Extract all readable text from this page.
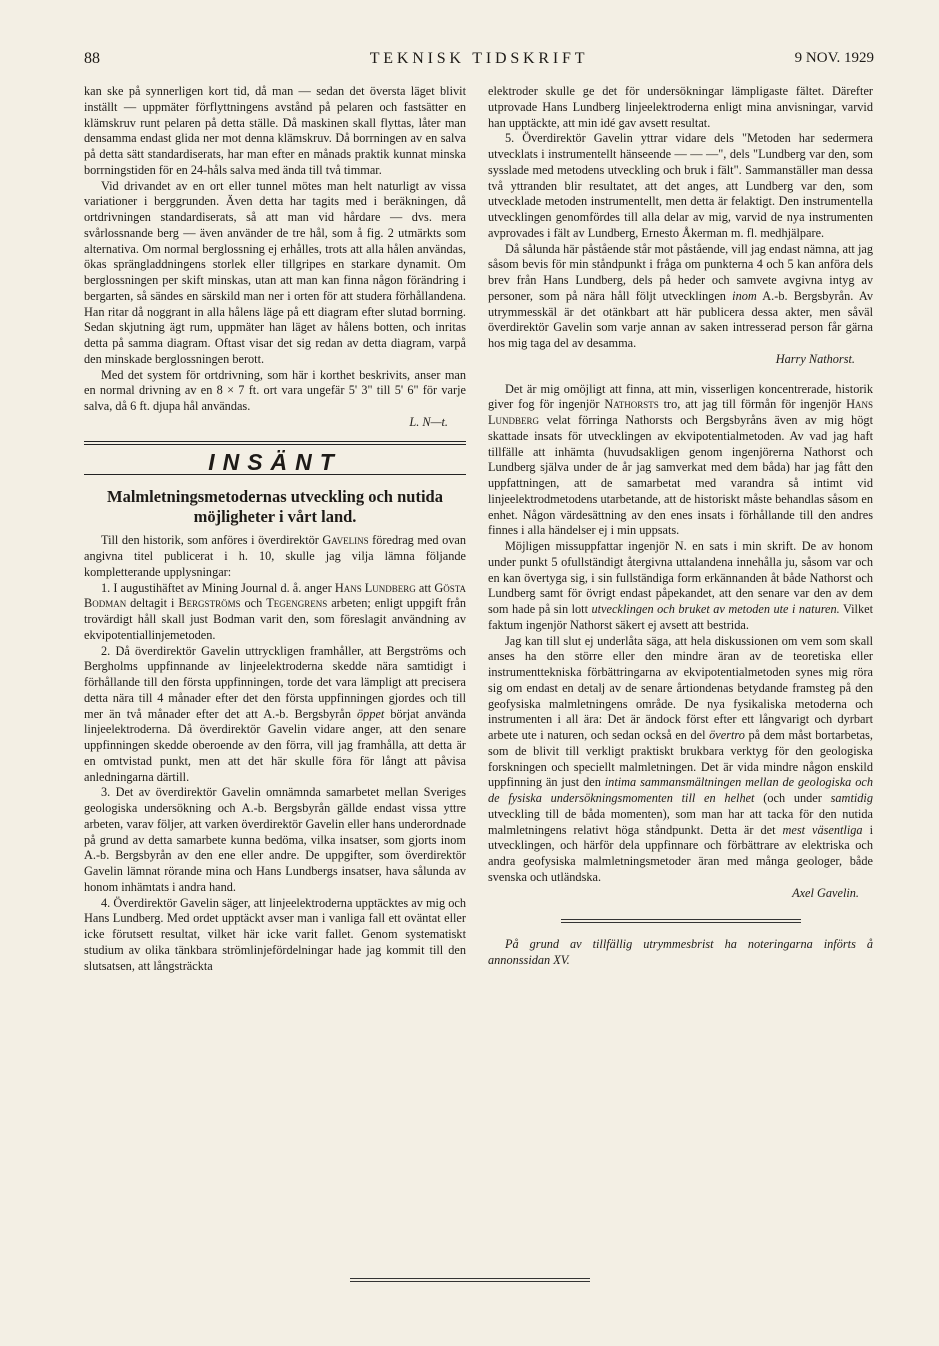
88	TEKNISK TIDSKRIFT	9 NOV. 1929

kan ske på synnerligen kort tid, då man — sedan det översta läget blivit inställt — uppmäter förflyttningens avstånd på pelaren och fastsätter en klämskruv runt pelaren på detta ställe. Då maskinen skall flyttas, låter man densamma endast glida ner mot denna klämskruv. Då borrningen av en salva på detta sätt standardiserats, har man efter en månads praktik kunnat minska borrningstiden för en 24-håls salva med ända till två timmar.

Vid drivandet av en ort eller tunnel mötes man helt naturligt av vissa variationer i berggrunden. Även detta har tagits med i beräkningen, då ortdrivningen standardiserats, så att man vid hårdare — dvs. mera svårlossnande berg — även använder de tre hål, som å fig. 2 utmärkts som alternativa. Om normal berglossning ej erhålles, trots att alla hålen användas, ökas sprängladdningens storlek eller tillgripes en starkare dynamit. Om berglossningen per skift minskas, utan att man kan finna någon förändring i bergarten, så sändes en särskild man ner i orten för att studera förhållandena. Han ritar då noggrant in alla hålens läge på ett diagram efter slutad borrning. Sedan skjutning ägt rum, uppmäter han läget av hålens botten, och inritas detta på samma diagram. Oftast visar det sig redan av detta diagram, varpå den minskade berglossningen berott.

Med det system för ortdrivning, som här i korthet beskrivits, anser man en normal drivning av en 8 × 7 ft. ort vara ungefär 5' 3" till 5' 6" för varje salva, då 6 ft. djupa hål användas.

L. N—t.

INSÄNT
Malmletningsmetodernas utveckling och nutida möjligheter i vårt land.

Till den historik, som anföres i överdirektör Gavelins föredrag med ovan angivna titel publicerat i h. 10, skulle jag vilja lämna följande kompletterande upplysningar:

1. I augustihäftet av Mining Journal d. å. anger Hans Lundberg att Gösta Bodman deltagit i Bergströms och Tegengrens arbeten; enligt uppgift från trovärdigt håll skall just Bodman varit den, som föreslagit användning av ekvipotentiallinjemetoden.

2. Då överdirektör Gavelin uttryckligen framhåller, att Bergströms och Bergholms uppfinnande av linjeelektroderna skedde nära samtidigt i förhållande till den första uppfinningen, torde det vara lämpligt att precisera detta nära till 4 månader efter det den första uppfinningen gjordes och till mer än två månader efter det att A.-b. Bergsbyrån öppet börjat använda linjeelektroderna. Då överdirektör Gavelin vidare anger, att den senare uppfinningen skedde oberoende av den förra, vill jag framhålla, att detta är en omtvistad punkt, men att det här skulle föra för långt att påvisa anledningarna därtill.

3. Det av överdirektör Gavelin omnämnda samarbetet mellan Sveriges geologiska undersökning och A.-b. Bergsbyrån gällde endast vissa yttre arbeten, varav följer, att varken överdirektör Gavelin eller hans underordnade på grund av detta samarbete kunna bedöma, vilka insatser, som gjorts inom A.-b. Bergsbyrån av den ene eller andre. De uppgifter, som överdirektör Gavelin lämnat rörande mina och Hans Lundbergs insatser, hava sålunda av honom inhämtats i andra hand.

4. Överdirektör Gavelin säger, att linjeelektroderna upptäcktes av mig och Hans Lundberg. Med ordet upptäckt avser man i vanliga fall ett oväntat eller icke förutsett resultat, vilket här icke varit fallet. Genom systematiskt studium av olika tänkbara strömlinjefördelningar hade jag kommit till den slutsatsen, att långsträckta

elektroder skulle ge det för undersökningar lämpligaste fältet. Därefter utprovade Hans Lundberg linjeelektroderna enligt mina anvisningar, varvid han upptäckte, att min idé gav avsett resultat.

5. Överdirektör Gavelin yttrar vidare dels "Metoden har sedermera utvecklats i instrumentellt hänseende — — —", dels "Lundberg var den, som sysslade med metodens utveckling och bruk i fält". Sammanställer man dessa två yttranden blir resultatet, att det anges, att Lundberg var den, som utvecklade metoden instrumentellt, men detta är felaktigt. Den instrumentella utvecklingen genomfördes till alla delar av mig, varvid de nya instrumenten avprovades i fält av Lundberg, Ernesto Åkerman m. fl. medhjälpare.

Då sålunda här påstående står mot påstående, vill jag endast nämna, att jag såsom bevis för min ståndpunkt i fråga om punkterna 4 och 5 kan anföra dels brev från Hans Lundberg, dels på heder och samvete avgivna intyg av personer, som på nära håll följt utvecklingen inom A.-b. Bergsbyrån. Av utrymmesskäl är det otänkbart att här publicera dessa akter, men såväl överdirektör Gavelin som varje annan av saken intresserad person får gärna hos mig taga del av desamma.

Harry Nathorst.

Det är mig omöjligt att finna, att min, visserligen koncentrerade, historik giver fog för ingenjör Nathorsts tro, att jag till förmån för ingenjör Hans Lundberg velat förringa Nathorsts och Bergsbyråns även av mig högt skattade insats för utvecklingen av ekvipotentialmetoden. Av vad jag haft tillfälle att inhämta (huvudsakligen genom ingenjörerna Nathorst och Lundberg själva under de år jag samverkat med dem båda) har jag fått den uppfattningen, att de samarbetat med varandra så intimt vid linjeelektrodmetodens utarbetande, att de historiskt måste behandlas såsom en enhet. Någon värdesättning av den enes insats i förhållande till den andres finnes i alla händelser ej i min uppsats.

Möjligen missuppfattar ingenjör N. en sats i min skrift. De av honom under punkt 5 ofullständigt återgivna uttalandena innehålla ju, såsom var och en kan övertyga sig, i sin fullständiga form erkännanden åt både Nathorst och Lundberg samt för övrigt endast påpekandet, att den senare var den av dem som hade på sin lott utvecklingen och bruket av metoden ute i naturen. Vilket faktum ingenjör Nathorst säkert ej avsett att bestrida.

Jag kan till slut ej underlåta säga, att hela diskussionen om vem som skall anses ha den större eller den mindre äran av de teoretiska eller instrumenttekniska förbättringarna av ekvipotentialmetoden synes mig röra sig om endast en detalj av de senare årtiondenas betydande framsteg på den geofysiska malmletningens område. De nya fysikaliska metoderna och instrumenten i all ära: Det är ändock först efter ett långvarigt och dyrbart arbete ute i naturen, och sedan också en del övertro på dem måst bortarbetas, som de blivit till verkligt praktiskt brukbara verktyg för den geologiska forskningen och speciellt malmletningen. Det är vida mindre någon enskild uppfinning än just den intima sammansmältningen mellan de geologiska och de fysiska undersökningsmomenten till en helhet (och under samtidig utveckling till de båda momenten), som man har att tacka för den nutida malmletningens relativt höga ståndpunkt. Detta är det mest väsentliga i utvecklingen, och härför dela uppfinnare och förbättrare av elektriska och andra geofysiska malmletningsmetoder äran med många geologer, både svenska och utländska.

Axel Gavelin.

På grund av tillfällig utrymmesbrist ha noteringarna införts å annonssidan XV.
